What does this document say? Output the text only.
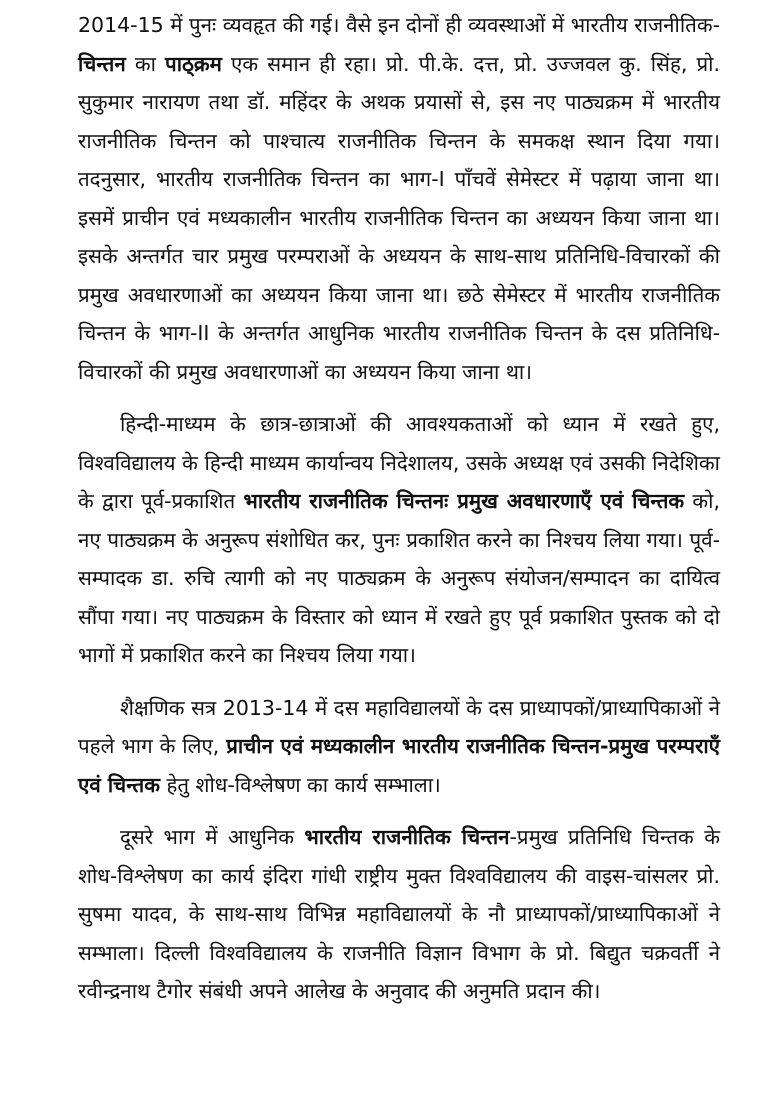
2014-15 में पुनः व्यवहृत की गई। वैसे इन दोनों ही व्यवस्थाओं में भारतीय राजनीतिक-चिन्तन का पाठ्क्रम एक समान ही रहा। प्रो. पी.के. दत्त, प्रो. उज्जवल कु. सिंह, प्रो. सुकुमार नारायण तथा डॉ. महिंदर के अथक प्रयासों से, इस नए पाठ्यक्रम में भारतीय राजनीतिक चिन्तन को पाश्चात्य राजनीतिक चिन्तन के समकक्ष स्थान दिया गया। तदनुसार, भारतीय राजनीतिक चिन्तन का भाग-I पाँचवें सेमेस्टर में पढ़ाया जाना था। इसमें प्राचीन एवं मध्यकालीन भारतीय राजनीतिक चिन्तन का अध्ययन किया जाना था। इसके अन्तर्गत चार प्रमुख परम्पराओं के अध्ययन के साथ-साथ प्रतिनिधि-विचारकों की प्रमुख अवधारणाओं का अध्ययन किया जाना था। छठे सेमेस्टर में भारतीय राजनीतिक चिन्तन के भाग-II के अन्तर्गत आधुनिक भारतीय राजनीतिक चिन्तन के दस प्रतिनिधि-विचारकों की प्रमुख अवधारणाओं का अध्ययन किया जाना था।

हिन्दी-माध्यम के छात्र-छात्राओं की आवश्यकताओं को ध्यान में रखते हुए, विश्वविद्यालय के हिन्दी माध्यम कार्यान्वय निदेशालय, उसके अध्यक्ष एवं उसकी निदेशिका के द्वारा पूर्व-प्रकाशित भारतीय राजनीतिक चिन्तनः प्रमुख अवधारणाएँ एवं चिन्तक को, नए पाठ्यक्रम के अनुरूप संशोधित कर, पुनः प्रकाशित करने का निश्चय लिया गया। पूर्व-सम्पादक डा. रुचि त्यागी को नए पाठ्यक्रम के अनुरूप संयोजन/सम्पादन का दायित्व सौंपा गया। नए पाठ्यक्रम के विस्तार को ध्यान में रखते हुए पूर्व प्रकाशित पुस्तक को दो भागों में प्रकाशित करने का निश्चय लिया गया।

शैक्षणिक सत्र 2013-14 में दस महाविद्यालयों के दस प्राध्यापकों/प्राध्यापिकाओं ने पहले भाग के लिए, प्राचीन एवं मध्यकालीन भारतीय राजनीतिक चिन्तन-प्रमुख परम्पराएँ एवं चिन्तक हेतु शोध-विश्लेषण का कार्य सम्भाला।

दूसरे भाग में आधुनिक भारतीय राजनीतिक चिन्तन-प्रमुख प्रतिनिधि चिन्तक के शोध-विश्लेषण का कार्य इंदिरा गांधी राष्ट्रीय मुक्त विश्वविद्यालय की वाइस-चांसलर प्रो. सुषमा यादव, के साथ-साथ विभिन्न महाविद्यालयों के नौ प्राध्यापकों/प्राध्यापिकाओं ने सम्भाला। दिल्ली विश्वविद्यालय के राजनीति विज्ञान विभाग के प्रो. बिद्युत चक्रवर्ती ने रवीन्द्रनाथ टैगोर संबंधी अपने आलेख के अनुवाद की अनुमति प्रदान की।
